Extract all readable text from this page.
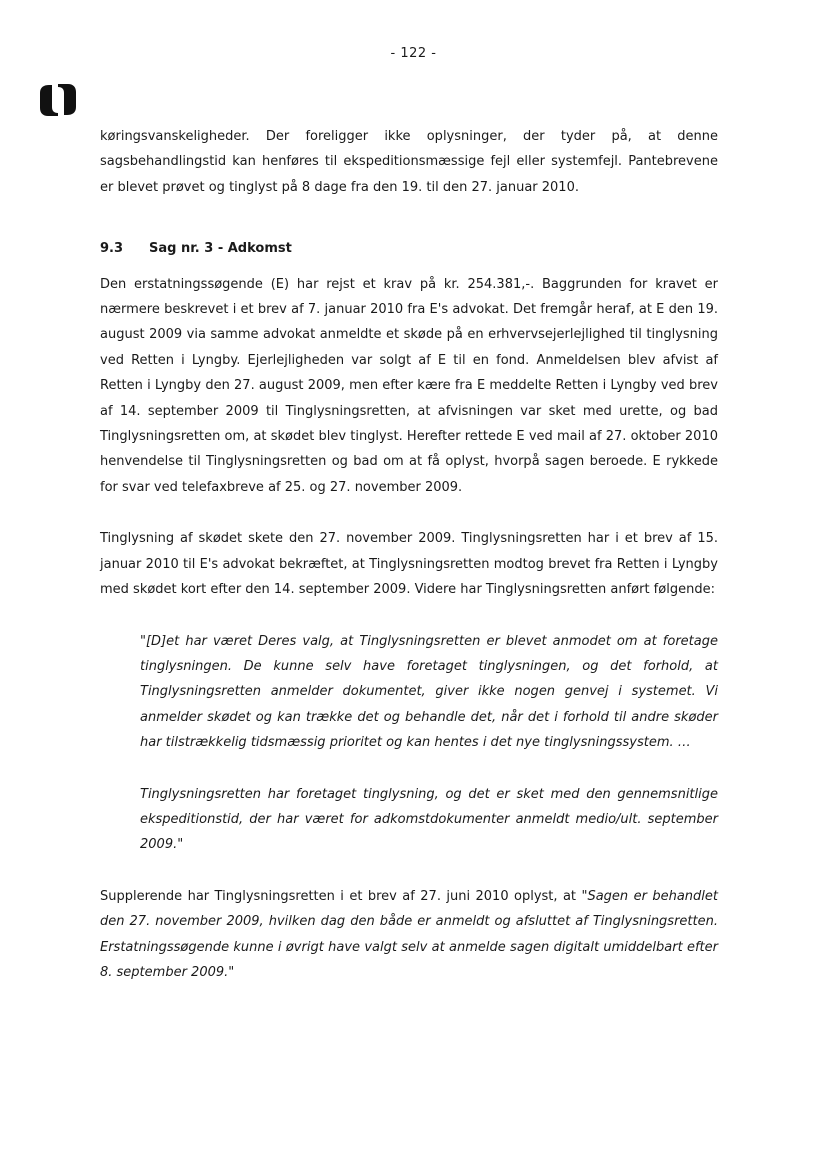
- 122 -

køringsvanskeligheder. Der foreligger ikke oplysninger, der tyder på, at denne sagsbehandlingstid kan henføres til ekspeditionsmæssige fejl eller systemfejl. Pantebrevene er blevet prøvet og tinglyst på 8 dage fra den 19. til den 27. januar 2010.

9.3	Sag nr. 3 - Adkomst

Den erstatningssøgende (E) har rejst et krav på kr. 254.381,-. Baggrunden for kravet er nærmere beskrevet i et brev af 7. januar 2010 fra E's advokat. Det fremgår heraf, at E den 19. august 2009 via samme advokat anmeldte et skøde på en erhvervsejerlejlighed til tinglysning ved Retten i Lyngby. Ejerlejligheden var solgt af E til en fond. Anmeldelsen blev afvist af Retten i Lyngby den 27. august 2009, men efter kære fra E meddelte Retten i Lyngby ved brev af 14. september 2009 til Tinglysningsretten, at afvisningen var sket med urette, og bad Tinglysningsretten om, at skødet blev tinglyst. Herefter rettede E ved mail af 27. oktober 2010 henvendelse til Tinglysningsretten og bad om at få oplyst, hvorpå sagen beroede. E rykkede for svar ved telefaxbreve af 25. og 27. november 2009.

Tinglysning af skødet skete den 27. november 2009. Tinglysningsretten har i et brev af 15. januar 2010 til E's advokat bekræftet, at Tinglysningsretten modtog brevet fra Retten i Lyngby med skødet kort efter den 14. september 2009. Videre har Tinglysningsretten anført følgende:

"[D]et har været Deres valg, at Tinglysningsretten er blevet anmodet om at foretage tinglysningen. De kunne selv have foretaget tinglysningen, og det forhold, at Tinglysningsretten anmelder dokumentet, giver ikke nogen genvej i systemet. Vi anmelder skødet og kan trække det og behandle det, når det i forhold til andre skøder har tilstrækkelig tidsmæssig prioritet og kan hentes i det nye tinglysningssystem. …

Tinglysningsretten har foretaget tinglysning, og det er sket med den gennemsnitlige ekspeditionstid, der har været for adkomstdokumenter anmeldt medio/ult. september 2009."

Supplerende har Tinglysningsretten i et brev af 27. juni 2010 oplyst, at "Sagen er behandlet den 27. november 2009, hvilken dag den både er anmeldt og afsluttet af Tinglysningsretten. Erstatningssøgende kunne i øvrigt have valgt selv at anmelde sagen digitalt umiddelbart efter 8. september 2009."
